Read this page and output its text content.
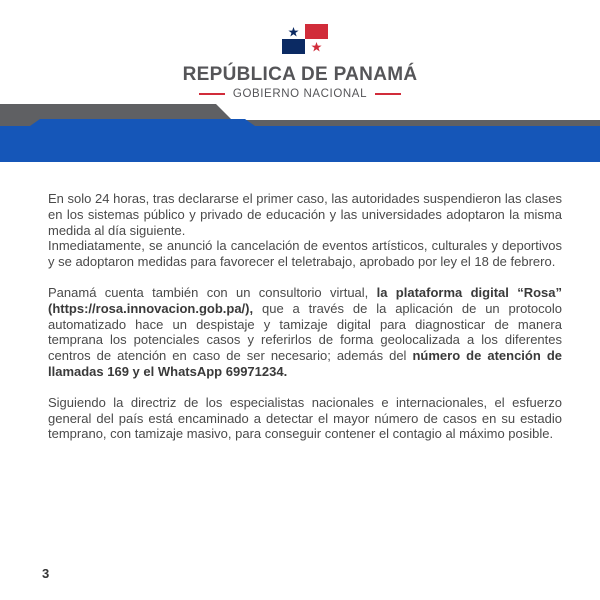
REPÚBLICA DE PANAMÁ
GOBIERNO NACIONAL

En solo 24 horas, tras declararse el primer caso, las autoridades suspendieron las clases en los sistemas público y privado de educación y las universidades adoptaron la misma medida al día siguiente.

Inmediatamente, se anunció la cancelación de eventos artísticos, culturales y deportivos y se adoptaron medidas para favorecer el teletrabajo, aprobado por ley el 18 de febrero.

Panamá cuenta también con un consultorio virtual, la plataforma digital “Rosa” (https://rosa.innovacion.gob.pa/), que a través de la aplicación de un protocolo automatizado hace un despistaje y tamizaje digital para diagnosticar de manera temprana los potenciales casos y referirlos de forma geolocalizada a los diferentes centros de atención en caso de ser necesario; además del número de atención de llamadas 169 y el WhatsApp 69971234.

Siguiendo la directriz de los especialistas nacionales e internacionales, el esfuerzo general del país está encaminado a detectar el mayor número de casos en su estadio temprano, con tamizaje masivo, para conseguir contener el contagio al máximo posible.

3
